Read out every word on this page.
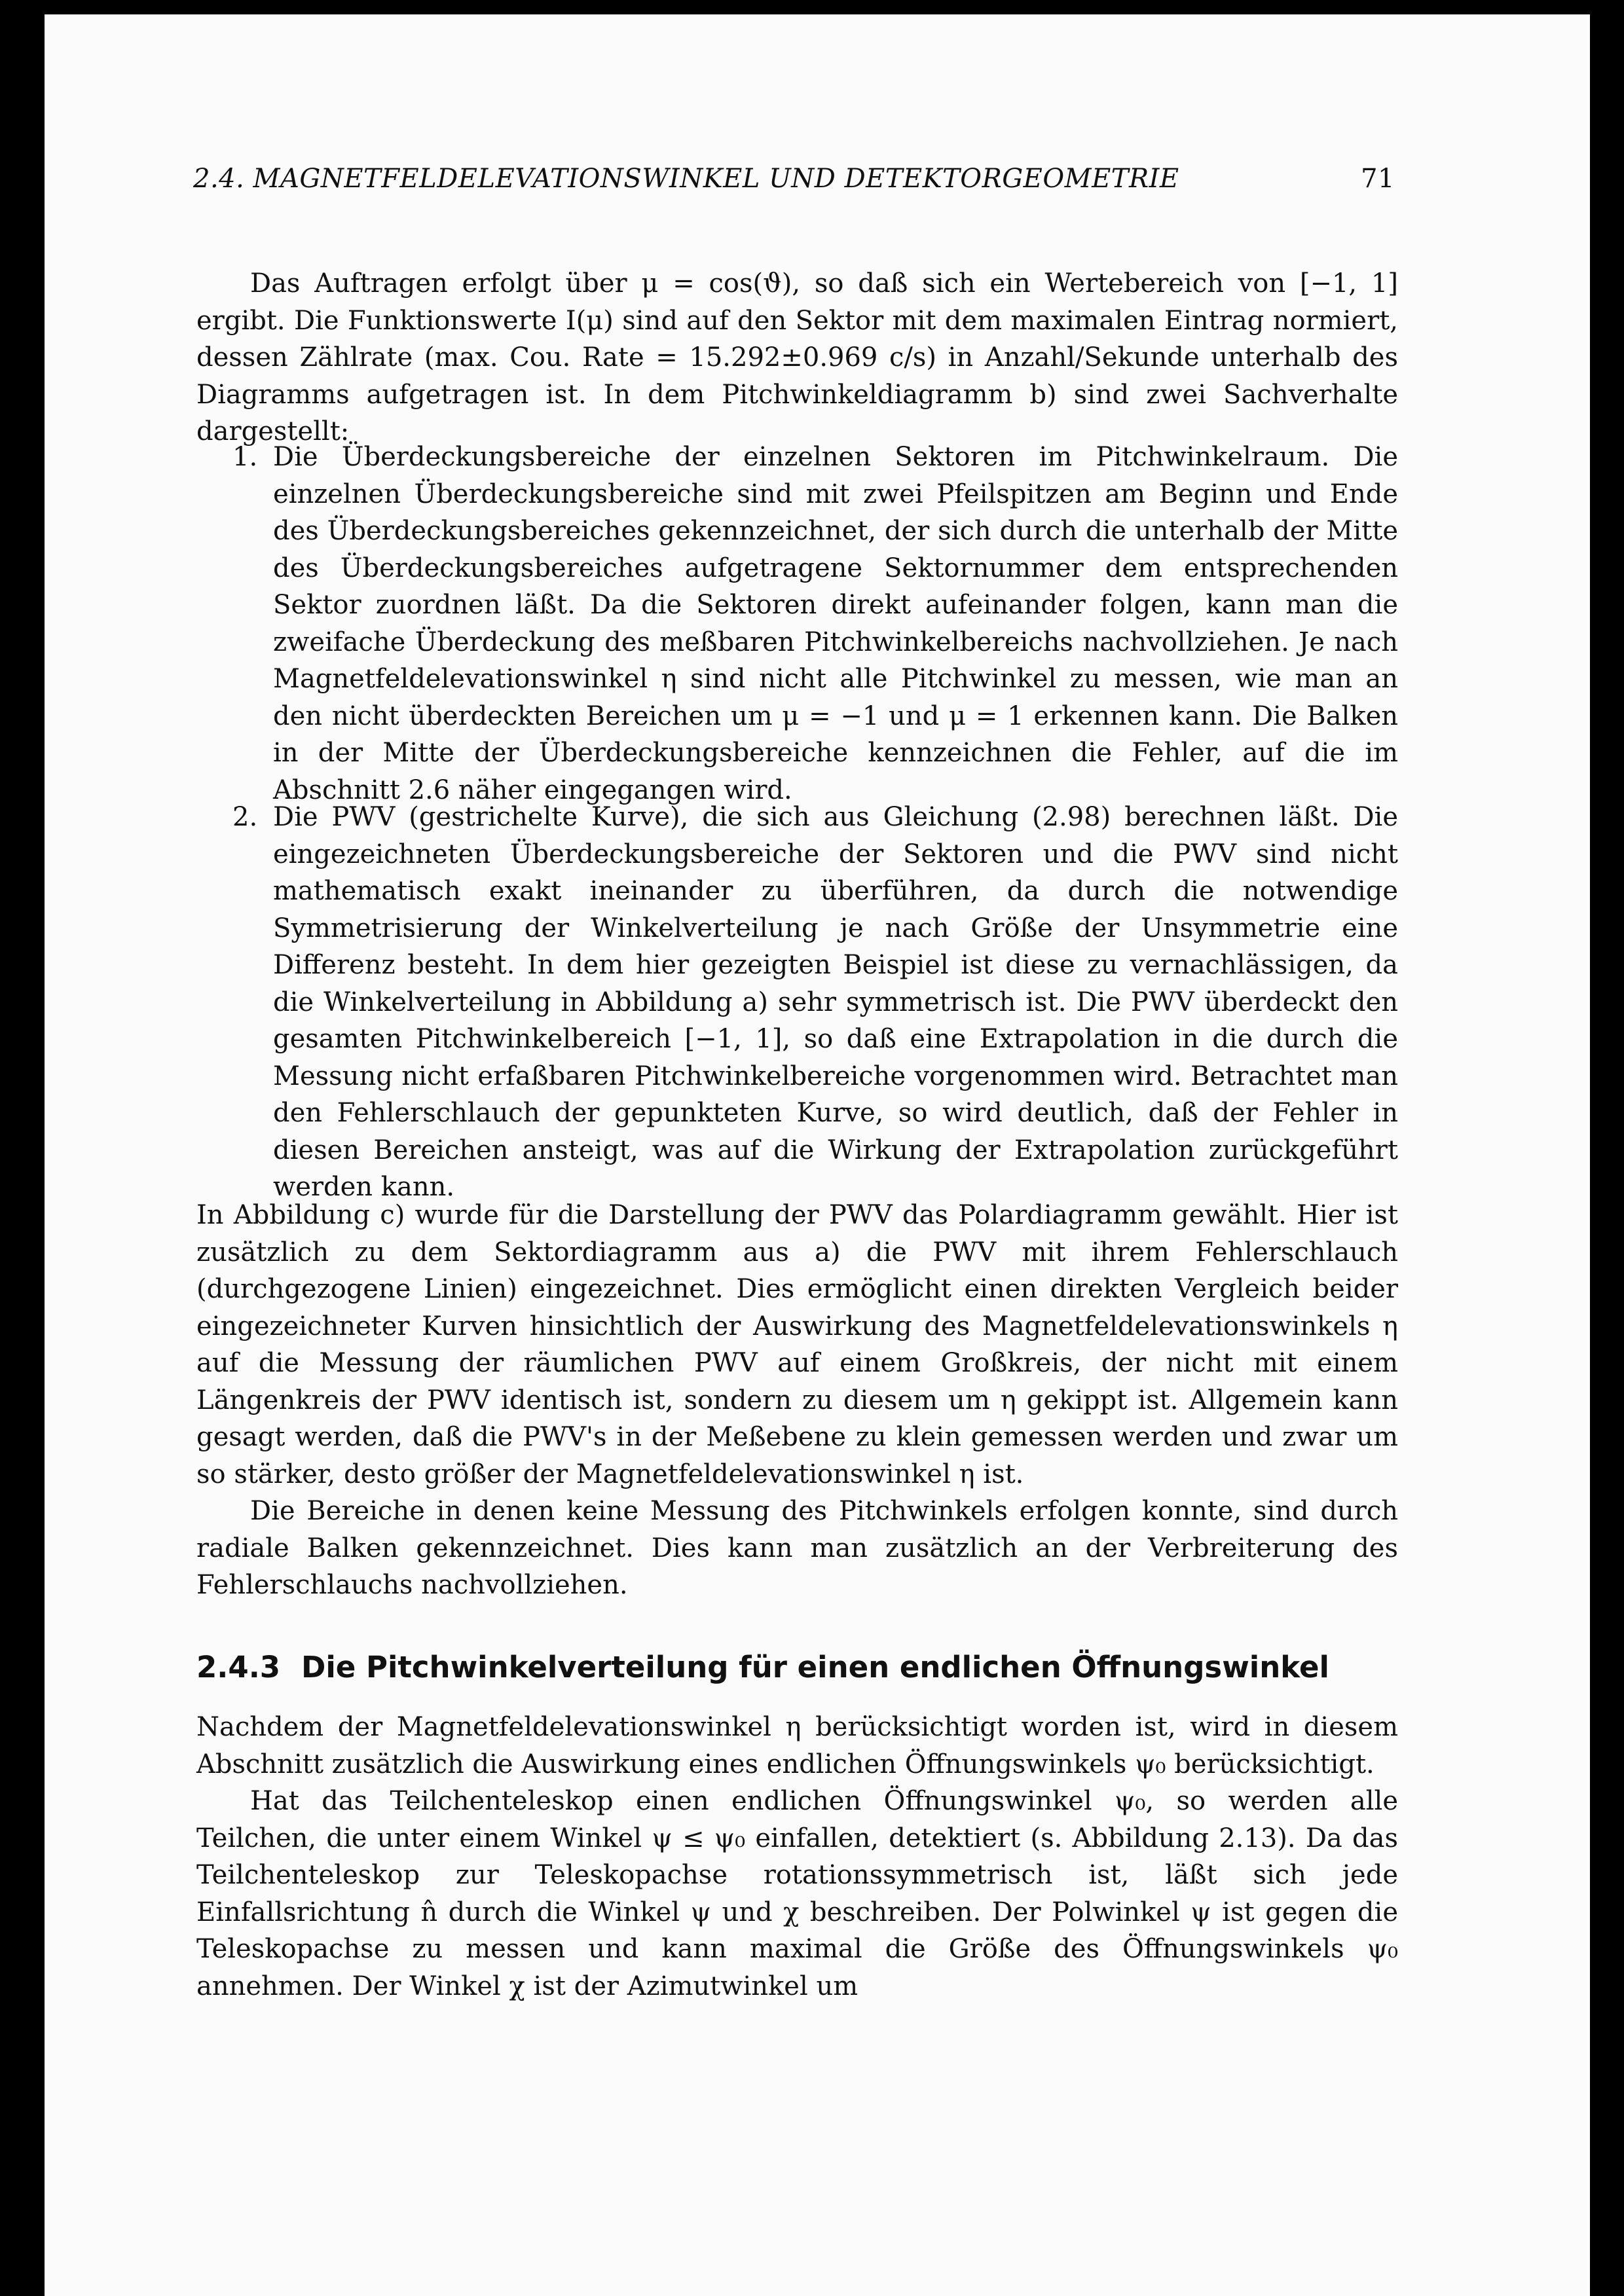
2.4. MAGNETFELDELEVATIONSWINKEL UND DETEKTORGEOMETRIE	71

Das Auftragen erfolgt über μ = cos(ϑ), so daß sich ein Wertebereich von [−1, 1] ergibt. Die Funktionswerte I(μ) sind auf den Sektor mit dem maximalen Eintrag normiert, dessen Zählrate (max. Cou. Rate = 15.292±0.969 c/s) in Anzahl/Sekunde unterhalb des Diagramms aufgetragen ist. In dem Pitchwinkeldiagramm b) sind zwei Sachverhalte dargestellt:

1. Die Überdeckungsbereiche der einzelnen Sektoren im Pitchwinkelraum. Die einzelnen Überdeckungsbereiche sind mit zwei Pfeilspitzen am Beginn und Ende des Überdeckungsbereiches gekennzeichnet, der sich durch die unterhalb der Mitte des Überdeckungsbereiches aufgetragene Sektornummer dem entsprechenden Sektor zuordnen läßt. Da die Sektoren direkt aufeinander folgen, kann man die zweifache Überdeckung des meßbaren Pitchwinkelbereichs nachvollziehen. Je nach Magnetfeldelevationswinkel η sind nicht alle Pitchwinkel zu messen, wie man an den nicht überdeckten Bereichen um μ = −1 und μ = 1 erkennen kann. Die Balken in der Mitte der Überdeckungsbereiche kennzeichnen die Fehler, auf die im Abschnitt 2.6 näher eingegangen wird.
2. Die PWV (gestrichelte Kurve), die sich aus Gleichung (2.98) berechnen läßt. Die eingezeichneten Überdeckungsbereiche der Sektoren und die PWV sind nicht mathematisch exakt ineinander zu überführen, da durch die notwendige Symmetrisierung der Winkelverteilung je nach Größe der Unsymmetrie eine Differenz besteht. In dem hier gezeigten Beispiel ist diese zu vernachlässigen, da die Winkelverteilung in Abbildung a) sehr symmetrisch ist. Die PWV überdeckt den gesamten Pitchwinkelbereich [−1, 1], so daß eine Extrapolation in die durch die Messung nicht erfaßbaren Pitchwinkelbereiche vorgenommen wird. Betrachtet man den Fehlerschlauch der gepunkteten Kurve, so wird deutlich, daß der Fehler in diesen Bereichen ansteigt, was auf die Wirkung der Extrapolation zurückgeführt werden kann.

In Abbildung c) wurde für die Darstellung der PWV das Polardiagramm gewählt. Hier ist zusätzlich zu dem Sektordiagramm aus a) die PWV mit ihrem Fehlerschlauch (durchgezogene Linien) eingezeichnet. Dies ermöglicht einen direkten Vergleich beider eingezeichneter Kurven hinsichtlich der Auswirkung des Magnetfeldelevationswinkels η auf die Messung der räumlichen PWV auf einem Großkreis, der nicht mit einem Längenkreis der PWV identisch ist, sondern zu diesem um η gekippt ist. Allgemein kann gesagt werden, daß die PWV's in der Meßebene zu klein gemessen werden und zwar um so stärker, desto größer der Magnetfeldelevationswinkel η ist.

Die Bereiche in denen keine Messung des Pitchwinkels erfolgen konnte, sind durch radiale Balken gekennzeichnet. Dies kann man zusätzlich an der Verbreiterung des Fehlerschlauchs nachvollziehen.

2.4.3 Die Pitchwinkelverteilung für einen endlichen Öffnungswinkel

Nachdem der Magnetfeldelevationswinkel η berücksichtigt worden ist, wird in diesem Abschnitt zusätzlich die Auswirkung eines endlichen Öffnungswinkels ψ₀ berücksichtigt.

Hat das Teilchenteleskop einen endlichen Öffnungswinkel ψ₀, so werden alle Teilchen, die unter einem Winkel ψ ≤ ψ₀ einfallen, detektiert (s. Abbildung 2.13). Da das Teilchenteleskop zur Teleskopachse rotationssymmetrisch ist, läßt sich jede Einfallsrichtung n̂ durch die Winkel ψ und χ beschreiben. Der Polwinkel ψ ist gegen die Teleskopachse zu messen und kann maximal die Größe des Öffnungswinkels ψ₀ annehmen. Der Winkel χ ist der Azimutwinkel um
